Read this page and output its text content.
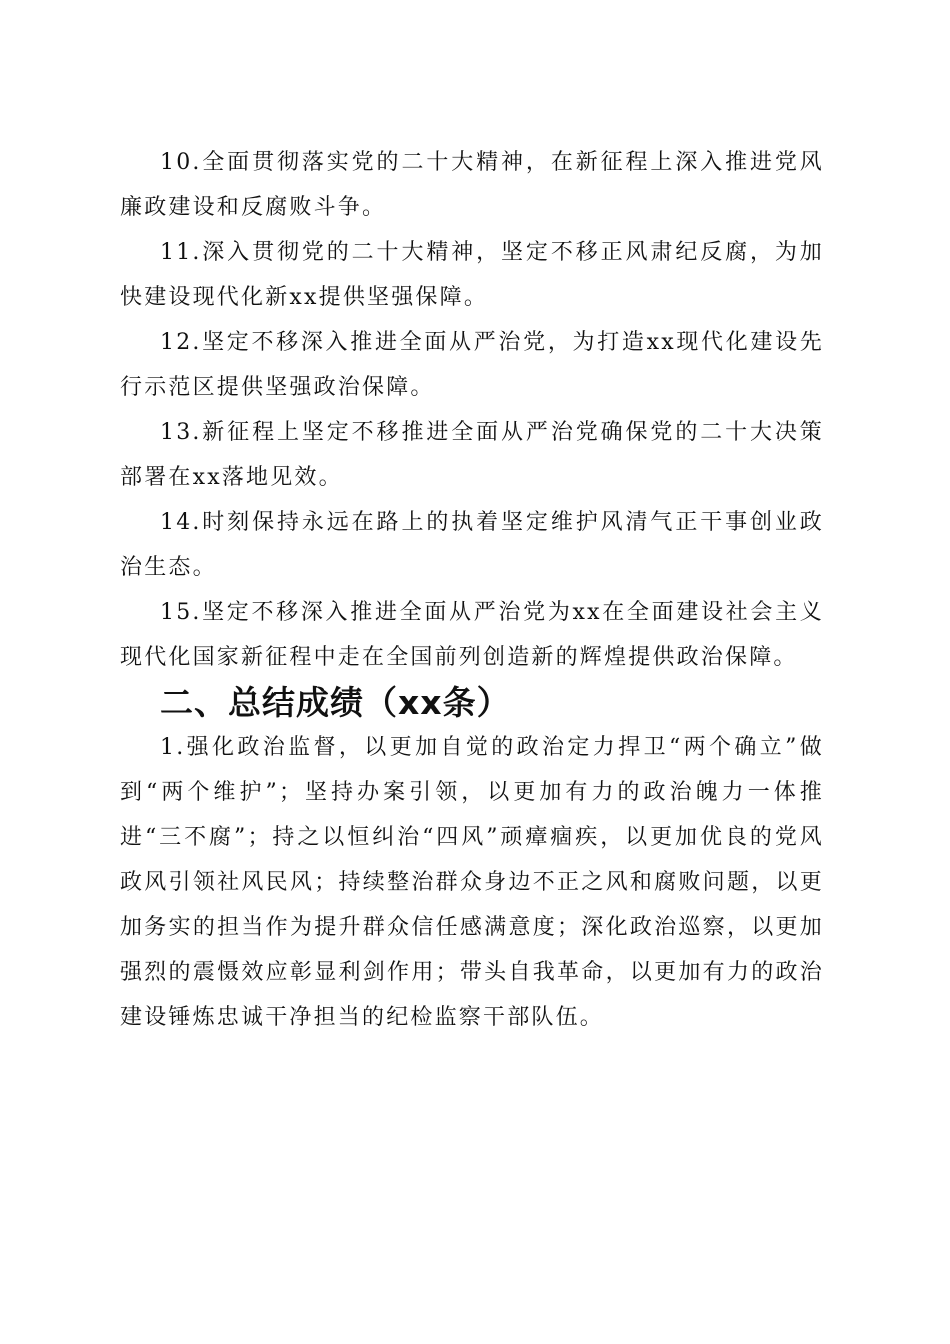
10.全面贯彻落实党的二十大精神，在新征程上深入推进党风廉政建设和反腐败斗争。

11.深入贯彻党的二十大精神，坚定不移正风肃纪反腐，为加快建设现代化新xx提供坚强保障。

12.坚定不移深入推进全面从严治党，为打造xx现代化建设先行示范区提供坚强政治保障。

13.新征程上坚定不移推进全面从严治党确保党的二十大决策部署在xx落地见效。

14.时刻保持永远在路上的执着坚定维护风清气正干事创业政治生态。

15.坚定不移深入推进全面从严治党为xx在全面建设社会主义现代化国家新征程中走在全国前列创造新的辉煌提供政治保障。

二、总结成绩（xx条）

1.强化政治监督，以更加自觉的政治定力捍卫“两个确立”做到“两个维护”；坚持办案引领，以更加有力的政治魄力一体推进“三不腐”；持之以恒纠治“四风”顽瘴痼疾，以更加优良的党风政风引领社风民风；持续整治群众身边不正之风和腐败问题，以更加务实的担当作为提升群众信任感满意度；深化政治巡察，以更加强烈的震慑效应彰显利剑作用；带头自我革命，以更加有力的政治建设锤炼忠诚干净担当的纪检监察干部队伍。
